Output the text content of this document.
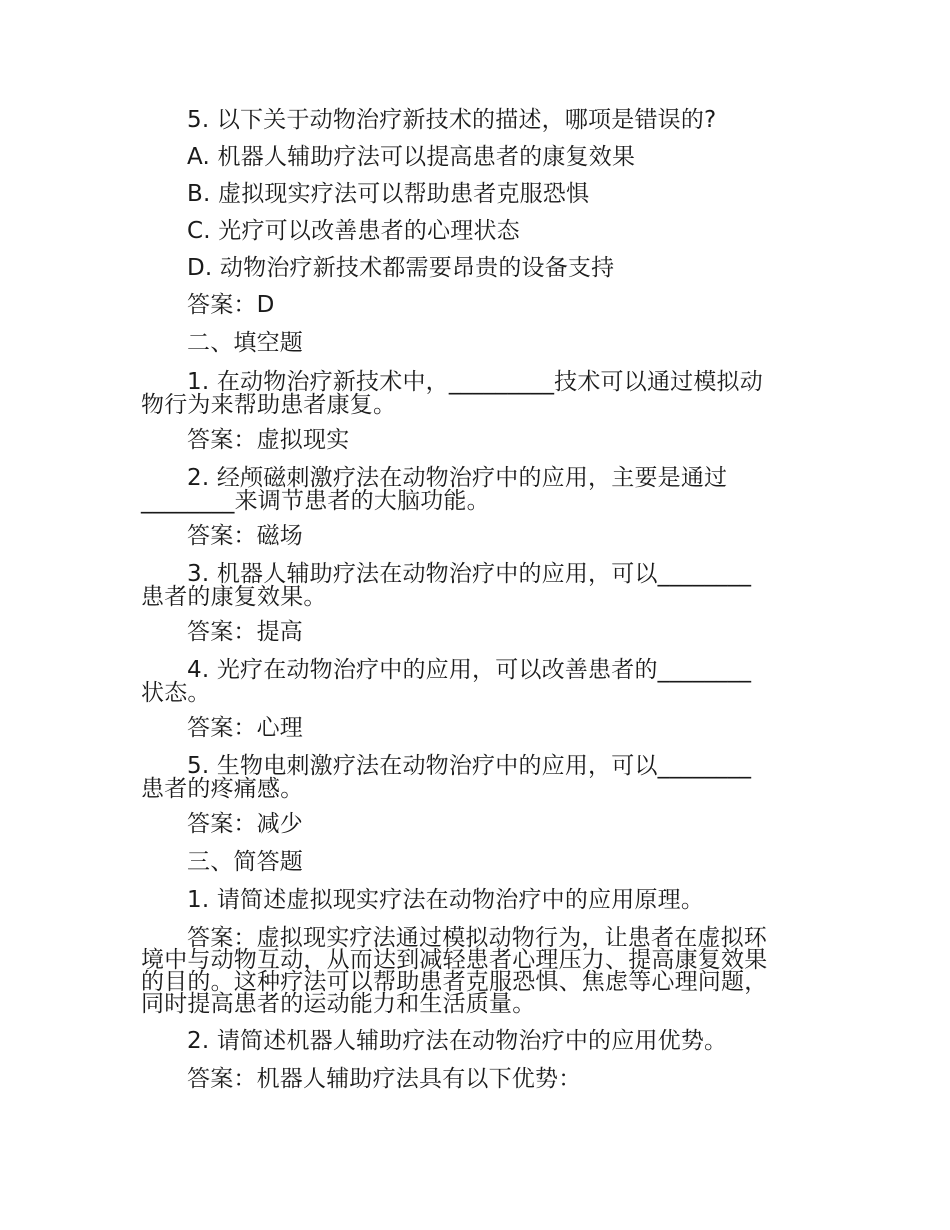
5. 以下关于动物治疗新技术的描述，哪项是错误的?
A. 机器人辅助疗法可以提高患者的康复效果
B. 虚拟现实疗法可以帮助患者克服恐惧
C. 光疗可以改善患者的心理状态
D. 动物治疗新技术都需要昂贵的设备支持
答案：D
二、填空题
1. 在动物治疗新技术中，_________技术可以通过模拟动
物行为来帮助患者康复。
答案：虚拟现实
2. 经颅磁刺激疗法在动物治疗中的应用，主要是通过
________来调节患者的大脑功能。
答案：磁场
3. 机器人辅助疗法在动物治疗中的应用，可以________
患者的康复效果。
答案：提高
4. 光疗在动物治疗中的应用，可以改善患者的________
状态。
答案：心理
5. 生物电刺激疗法在动物治疗中的应用，可以________
患者的疼痛感。
答案：减少
三、简答题
1. 请简述虚拟现实疗法在动物治疗中的应用原理。
答案：虚拟现实疗法通过模拟动物行为，让患者在虚拟环
境中与动物互动，从而达到减轻患者心理压力、提高康复效果
的目的。这种疗法可以帮助患者克服恐惧、焦虑等心理问题，
同时提高患者的运动能力和生活质量。
2. 请简述机器人辅助疗法在动物治疗中的应用优势。
答案：机器人辅助疗法具有以下优势：
